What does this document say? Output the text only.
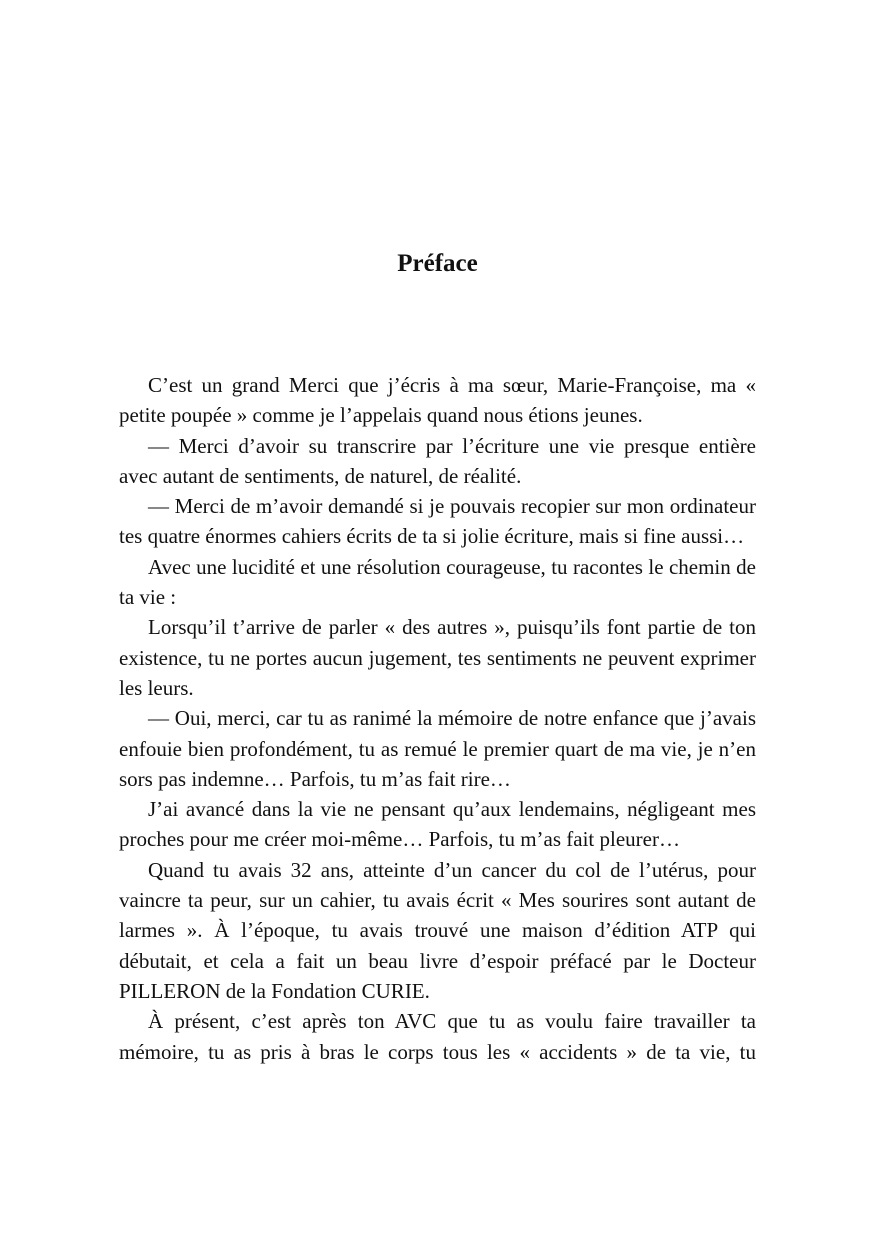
Préface

C’est un grand Merci que j’écris à ma sœur, Marie-Françoise, ma « petite poupée » comme je l’appelais quand nous étions jeunes.

— Merci d’avoir su transcrire par l’écriture une vie presque entière avec autant de sentiments, de naturel, de réalité.

— Merci de m’avoir demandé si je pouvais recopier sur mon ordinateur tes quatre énormes cahiers écrits de ta si jolie écriture, mais si fine aussi…

Avec une lucidité et une résolution courageuse, tu racontes le chemin de ta vie :

Lorsqu’il t’arrive de parler « des autres », puisqu’ils font partie de ton existence, tu ne portes aucun jugement, tes sentiments ne peuvent exprimer les leurs.

— Oui, merci, car tu as ranimé la mémoire de notre enfance que j’avais enfouie bien profondément, tu as remué le premier quart de ma vie, je n’en sors pas indemne… Parfois, tu m’as fait rire…

J’ai avancé dans la vie ne pensant qu’aux lendemains, négligeant mes proches pour me créer moi-même… Parfois, tu m’as fait pleurer…

Quand tu avais 32 ans, atteinte d’un cancer du col de l’utérus, pour vaincre ta peur, sur un cahier, tu avais écrit « Mes sourires sont autant de larmes ». À l’époque, tu avais trouvé une maison d’édition ATP qui débutait, et cela a fait un beau livre d’espoir préfacé par le Docteur PILLERON de la Fondation CURIE.

À présent, c’est après ton AVC que tu as voulu faire travailler ta mémoire, tu as pris à bras le corps tous les « accidents » de ta vie, tu
